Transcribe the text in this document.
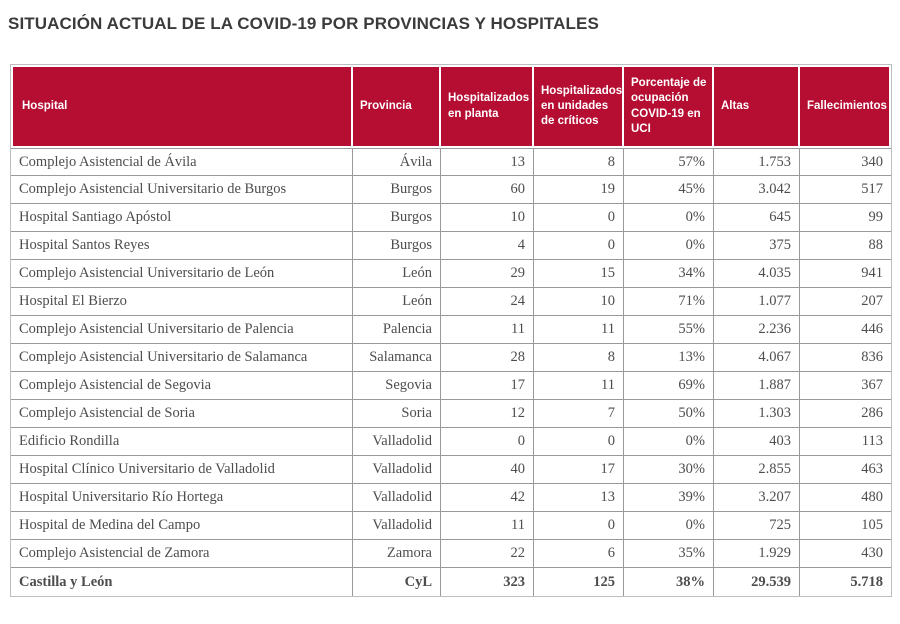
SITUACIÓN ACTUAL DE LA COVID-19 POR PROVINCIAS Y HOSPITALES
Hospital	Provincia	Hospitalizados en planta	Hospitalizados en unidades de críticos	Porcentaje de ocupación COVID-19 en UCI	Altas	Fallecimientos
Complejo Asistencial de Ávila	Ávila	13	8	57%	1.753	340
Complejo Asistencial Universitario de Burgos	Burgos	60	19	45%	3.042	517
Hospital Santiago Apóstol	Burgos	10	0	0%	645	99
Hospital Santos Reyes	Burgos	4	0	0%	375	88
Complejo Asistencial Universitario de León	León	29	15	34%	4.035	941
Hospital El Bierzo	León	24	10	71%	1.077	207
Complejo Asistencial Universitario de Palencia	Palencia	11	11	55%	2.236	446
Complejo Asistencial Universitario de Salamanca	Salamanca	28	8	13%	4.067	836
Complejo Asistencial de Segovia	Segovia	17	11	69%	1.887	367
Complejo Asistencial de Soria	Soria	12	7	50%	1.303	286
Edificio Rondilla	Valladolid	0	0	0%	403	113
Hospital Clínico Universitario de Valladolid	Valladolid	40	17	30%	2.855	463
Hospital Universitario Río Hortega	Valladolid	42	13	39%	3.207	480
Hospital de Medina del Campo	Valladolid	11	0	0%	725	105
Complejo Asistencial de Zamora	Zamora	22	6	35%	1.929	430
Castilla y León	CyL	323	125	38%	29.539	5.718
